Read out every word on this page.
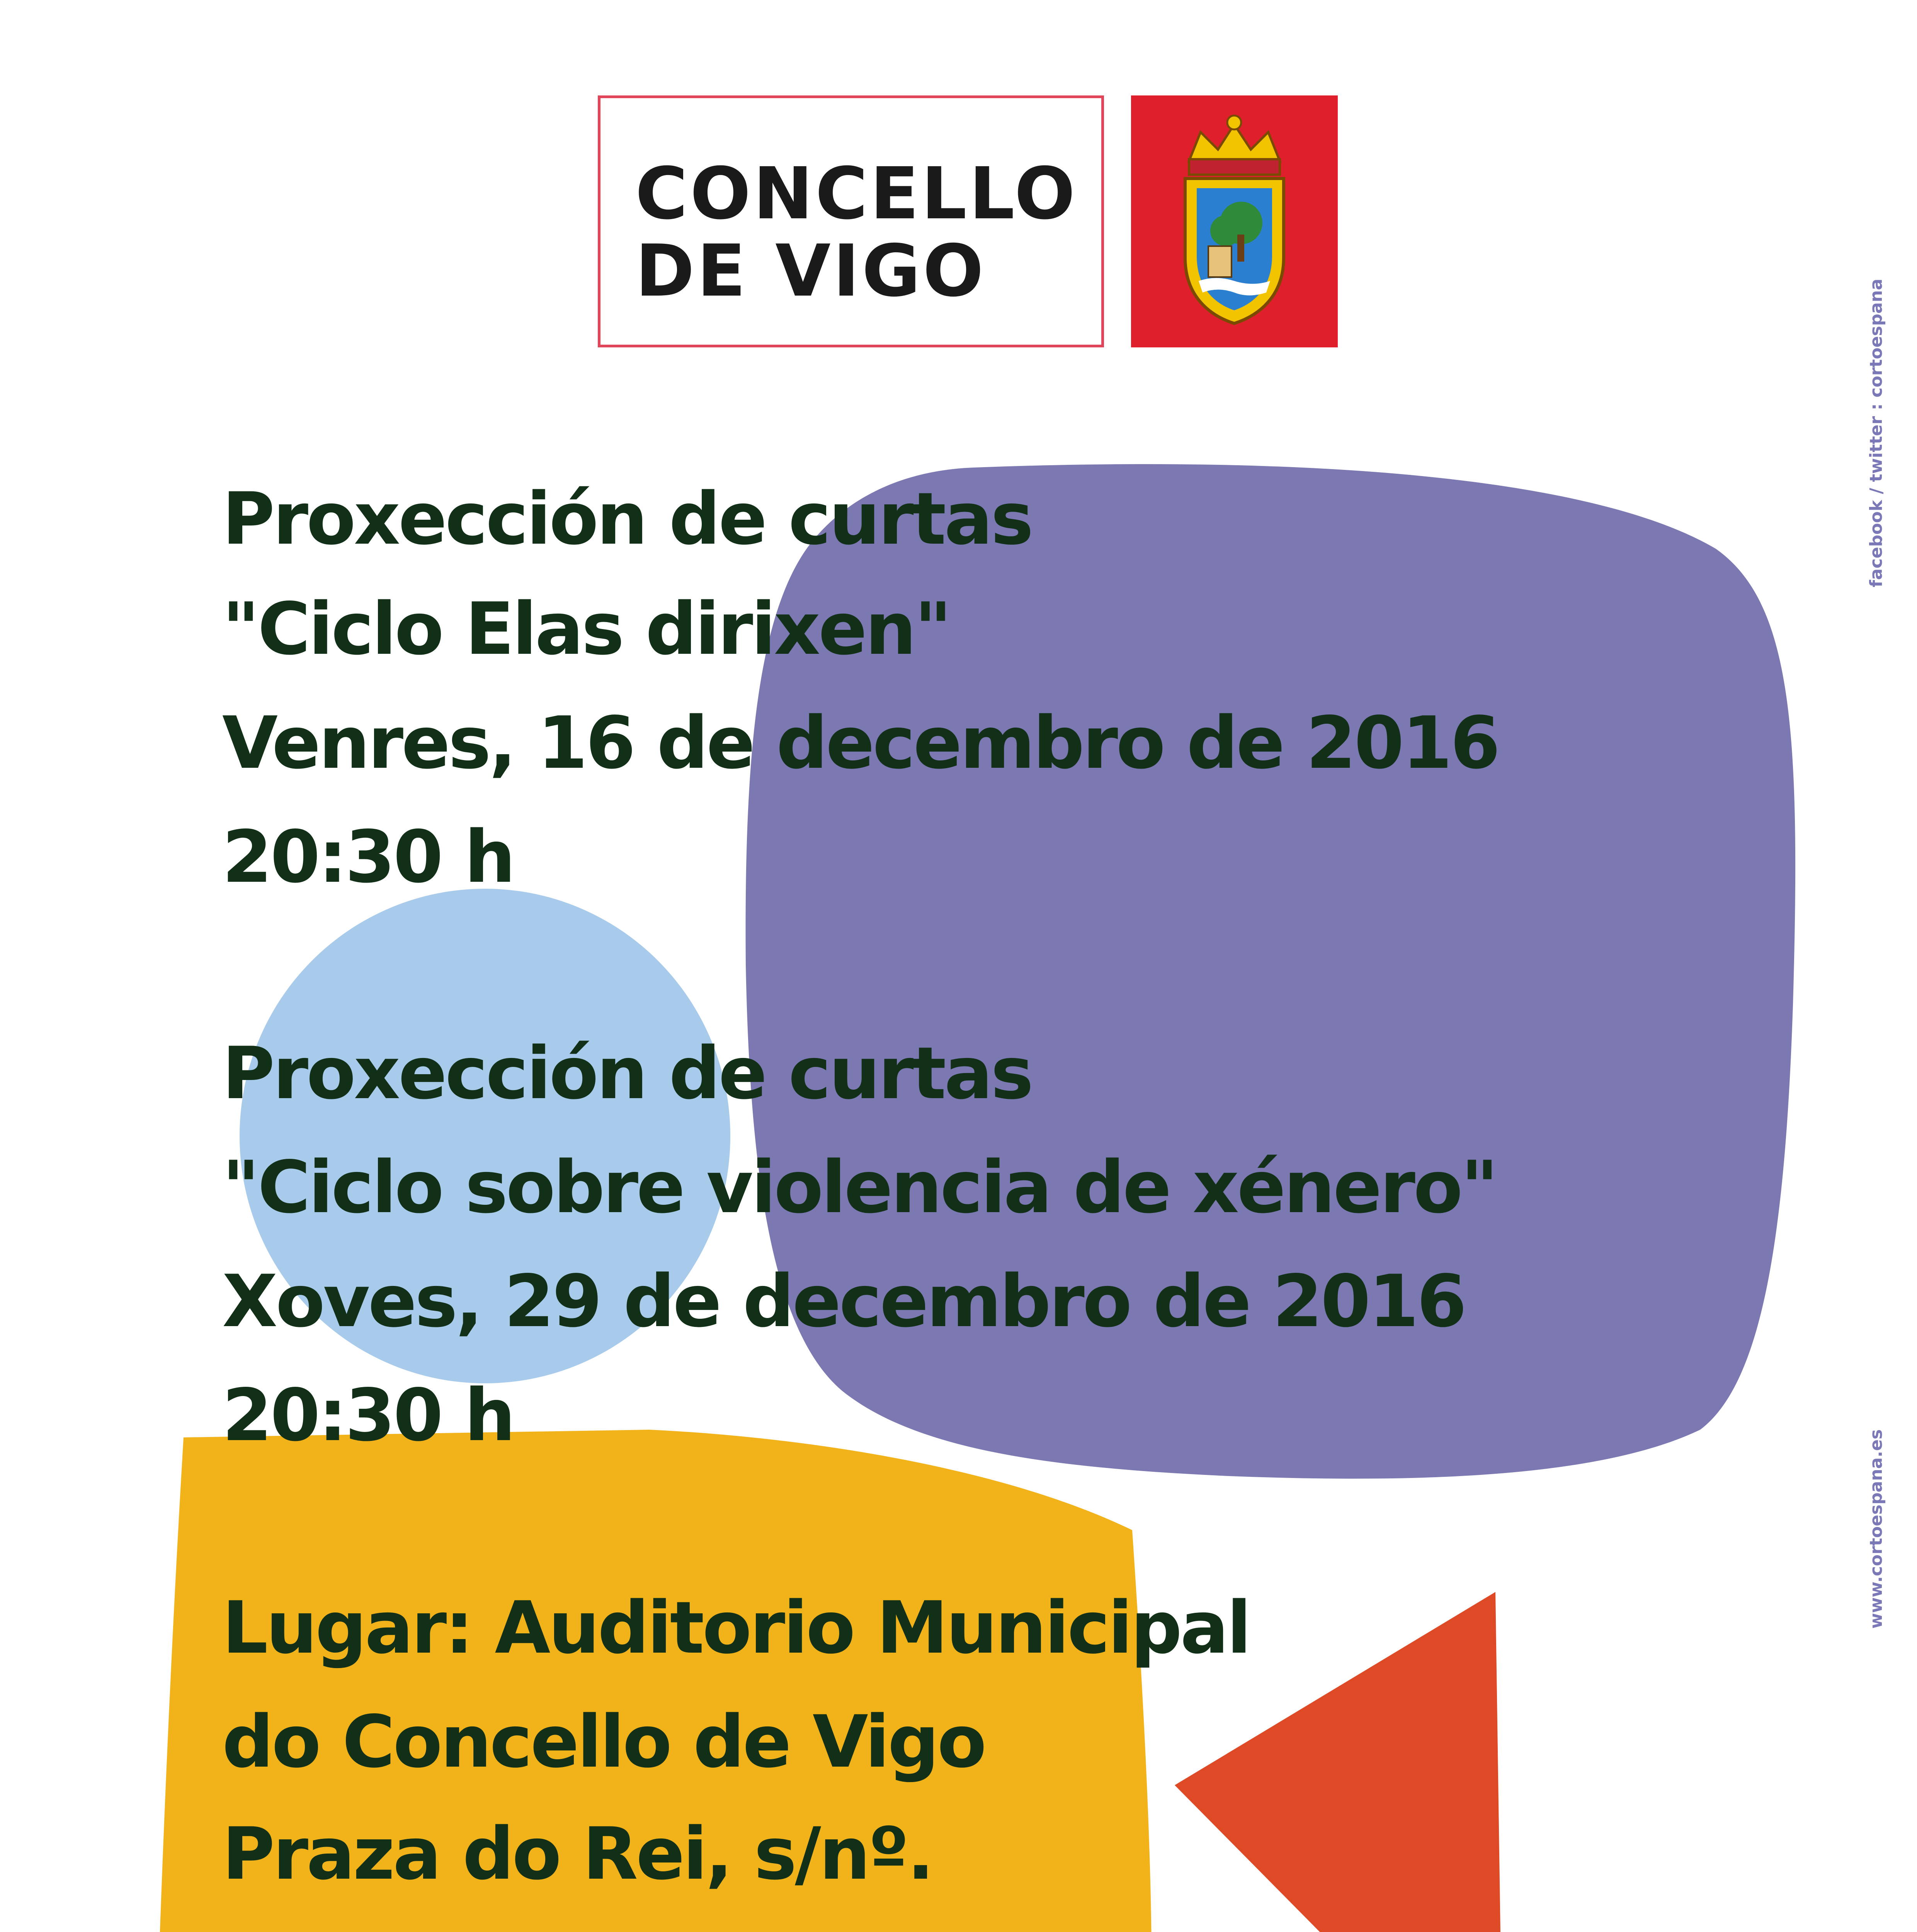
CONCELLO
DE VIGO
Proxección de curtas
"Ciclo Elas dirixen"
Venres, 16 de decembro de 2016
20:30 h
Proxección de curtas
"Ciclo sobre violencia de xénero"
Xoves, 29 de decembro de 2016
20:30 h
Lugar: Auditorio Municipal
do Concello de Vigo
Praza do Rei, s/nº.
facebook / twitter : cortoespana
www.cortoespana.es
